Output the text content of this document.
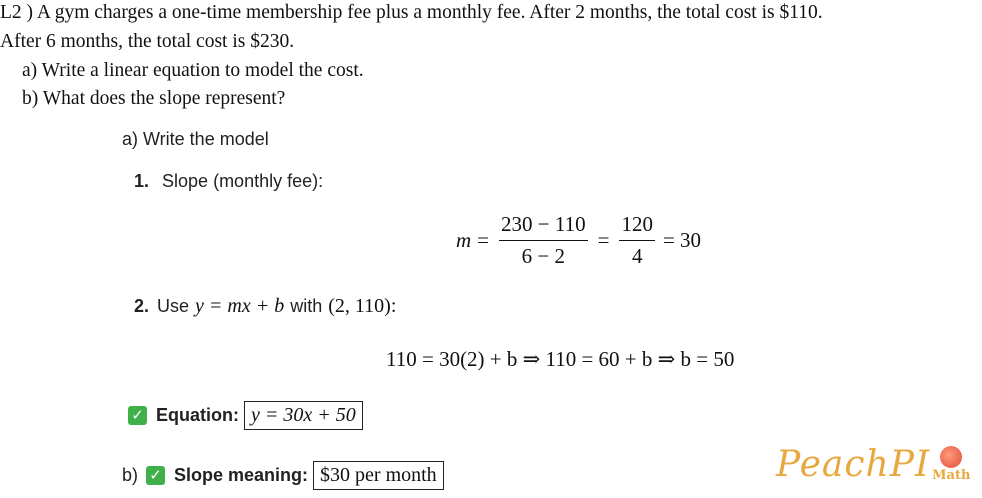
L2 ) A gym charges a one-time membership fee plus a monthly fee. After 2 months, the total cost is $110.
After 6 months, the total cost is $230.
a) Write a linear equation to model the cost.
b) What does the slope represent?
a) Write the model
1. Slope (monthly fee):
$m = \frac{230 - 110}{6 - 2} = \frac{120}{4} = 30$
2. Use y = mx + b with (2, 110):
110 = 30(2) + b ⇒ 110 = 60 + b ⇒ b = 50
✓ Equation: y = 30x + 50
b) ✓ Slope meaning: $30 per month	PeachPI Math
